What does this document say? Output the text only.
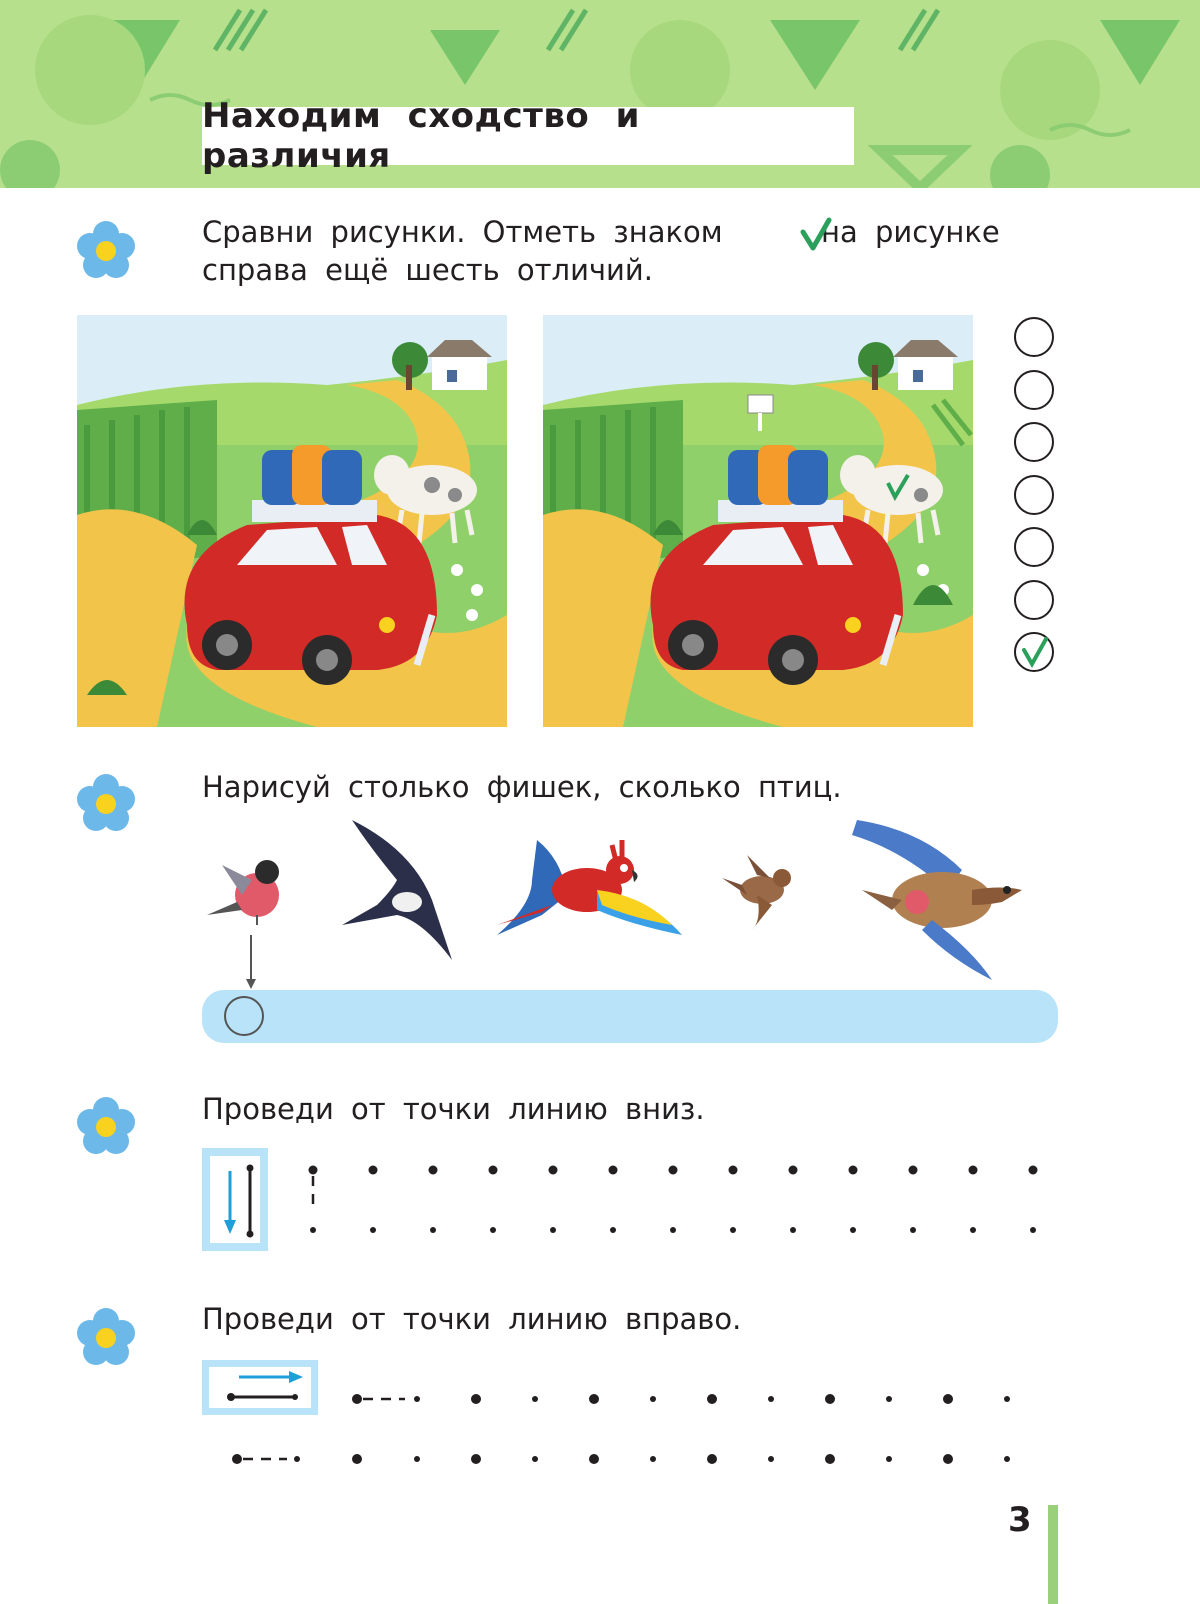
Находим сходство и различия
Сравни рисунки. Отметь знаком	на рисунке справа ещё шесть отличий.
Нарисуй столько фишек, сколько птиц.
Проведи от точки линию вниз.
Проведи от точки линию вправо.
3
